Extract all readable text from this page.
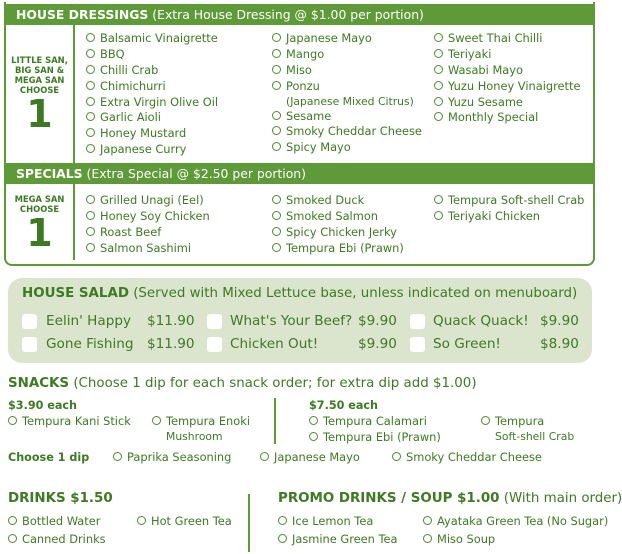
HOUSE DRESSINGS (Extra House Dressing @ $1.00 per portion)
LITTLE SAN,
BIG SAN &
MEGA SAN
CHOOSE
1
Balsamic Vinaigrette
BBQ
Chilli Crab
Chimichurri
Extra Virgin Olive Oil
Garlic Aioli
Honey Mustard
Japanese Curry
Japanese Mayo
Mango
Miso
Ponzu
(Japanese Mixed Citrus)
Sesame
Smoky Cheddar Cheese
Spicy Mayo
Sweet Thai Chilli
Teriyaki
Wasabi Mayo
Yuzu Honey Vinaigrette
Yuzu Sesame
Monthly Special
SPECIALS (Extra Special @ $2.50 per portion)
MEGA SAN
CHOOSE
1
Grilled Unagi (Eel)
Honey Soy Chicken
Roast Beef
Salmon Sashimi
Smoked Duck
Smoked Salmon
Spicy Chicken Jerky
Tempura Ebi (Prawn)
Tempura Soft-shell Crab
Teriyaki Chicken
HOUSE SALAD (Served with Mixed Lettuce base, unless indicated on menuboard)
Eelin' Happy $11.90	What's Your Beef? $9.90	Quack Quack! $9.90
Gone Fishing $11.90	Chicken Out!	$9.90	So Green!	$8.90
SNACKS (Choose 1 dip for each snack order; for extra dip add $1.00)
$3.90 each
Tempura Kani Stick	Tempura Enoki
Mushroom
$7.50 each
Tempura Calamari
Tempura Ebi (Prawn)
Tempura
Soft-shell Crab
Choose 1 dip	Paprika Seasoning	Japanese Mayo	Smoky Cheddar Cheese
DRINKS $1.50
Bottled Water	Hot Green Tea
Canned Drinks
PROMO DRINKS / SOUP $1.00 (With main order)
Ice Lemon Tea	Ayataka Green Tea (No Sugar)
Jasmine Green Tea	Miso Soup
